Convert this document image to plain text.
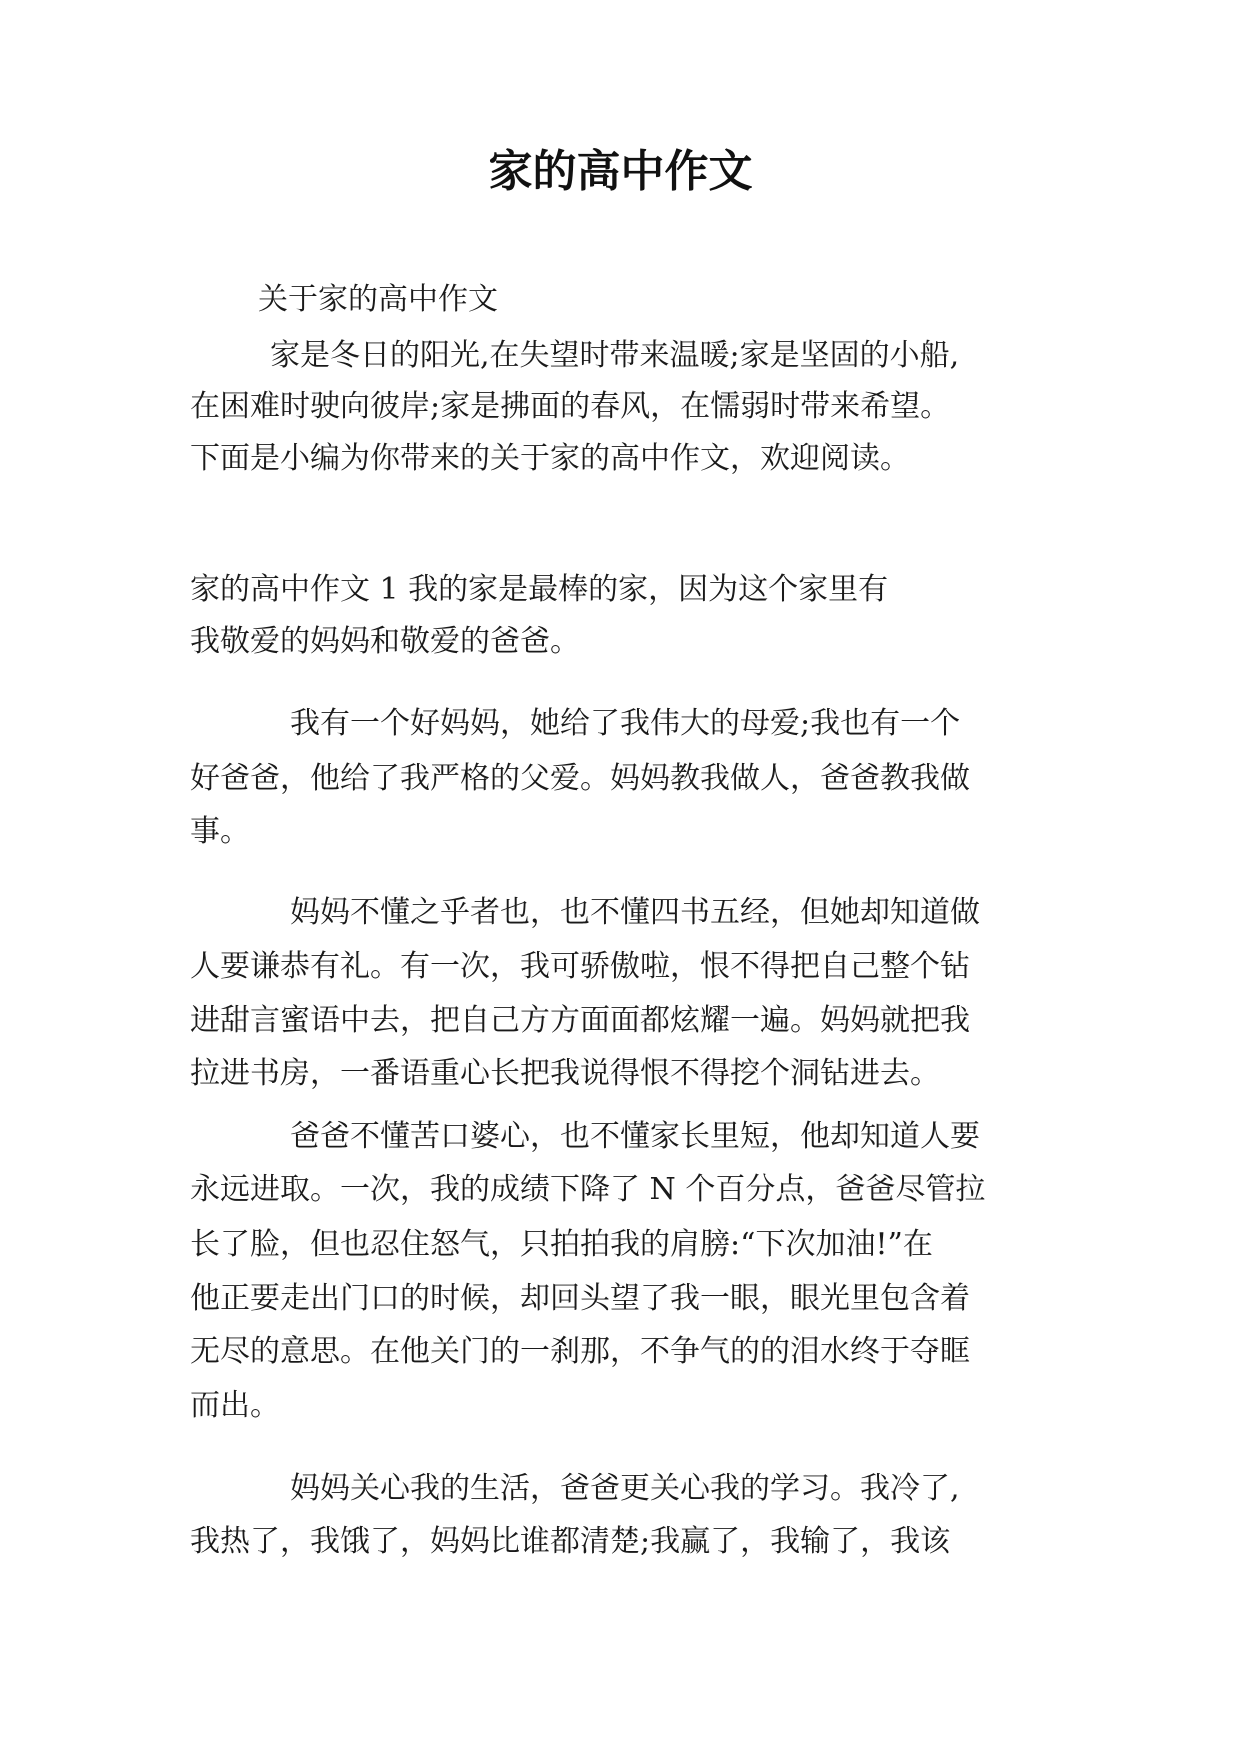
家的高中作文
关于家的高中作文
家是冬日的阳光,在失望时带来温暖;家是坚固的小船,
在困难时驶向彼岸;家是拂面的春风，在懦弱时带来希望。
下面是小编为你带来的关于家的高中作文，欢迎阅读。
家的高中作文 1 我的家是最棒的家，因为这个家里有
我敬爱的妈妈和敬爱的爸爸。
我有一个好妈妈，她给了我伟大的母爱;我也有一个
好爸爸，他给了我严格的父爱。妈妈教我做人，爸爸教我做
事。
妈妈不懂之乎者也，也不懂四书五经，但她却知道做
人要谦恭有礼。有一次，我可骄傲啦，恨不得把自己整个钻
进甜言蜜语中去，把自己方方面面都炫耀一遍。妈妈就把我
拉进书房，一番语重心长把我说得恨不得挖个洞钻进去。
爸爸不懂苦口婆心，也不懂家长里短，他却知道人要
永远进取。一次，我的成绩下降了 N 个百分点，爸爸尽管拉
长了脸，但也忍住怒气，只拍拍我的肩膀:“下次加油!”在
他正要走出门口的时候，却回头望了我一眼，眼光里包含着
无尽的意思。在他关门的一刹那，不争气的的泪水终于夺眶
而出。
妈妈关心我的生活，爸爸更关心我的学习。我冷了,
我热了，我饿了，妈妈比谁都清楚;我赢了，我输了，我该
